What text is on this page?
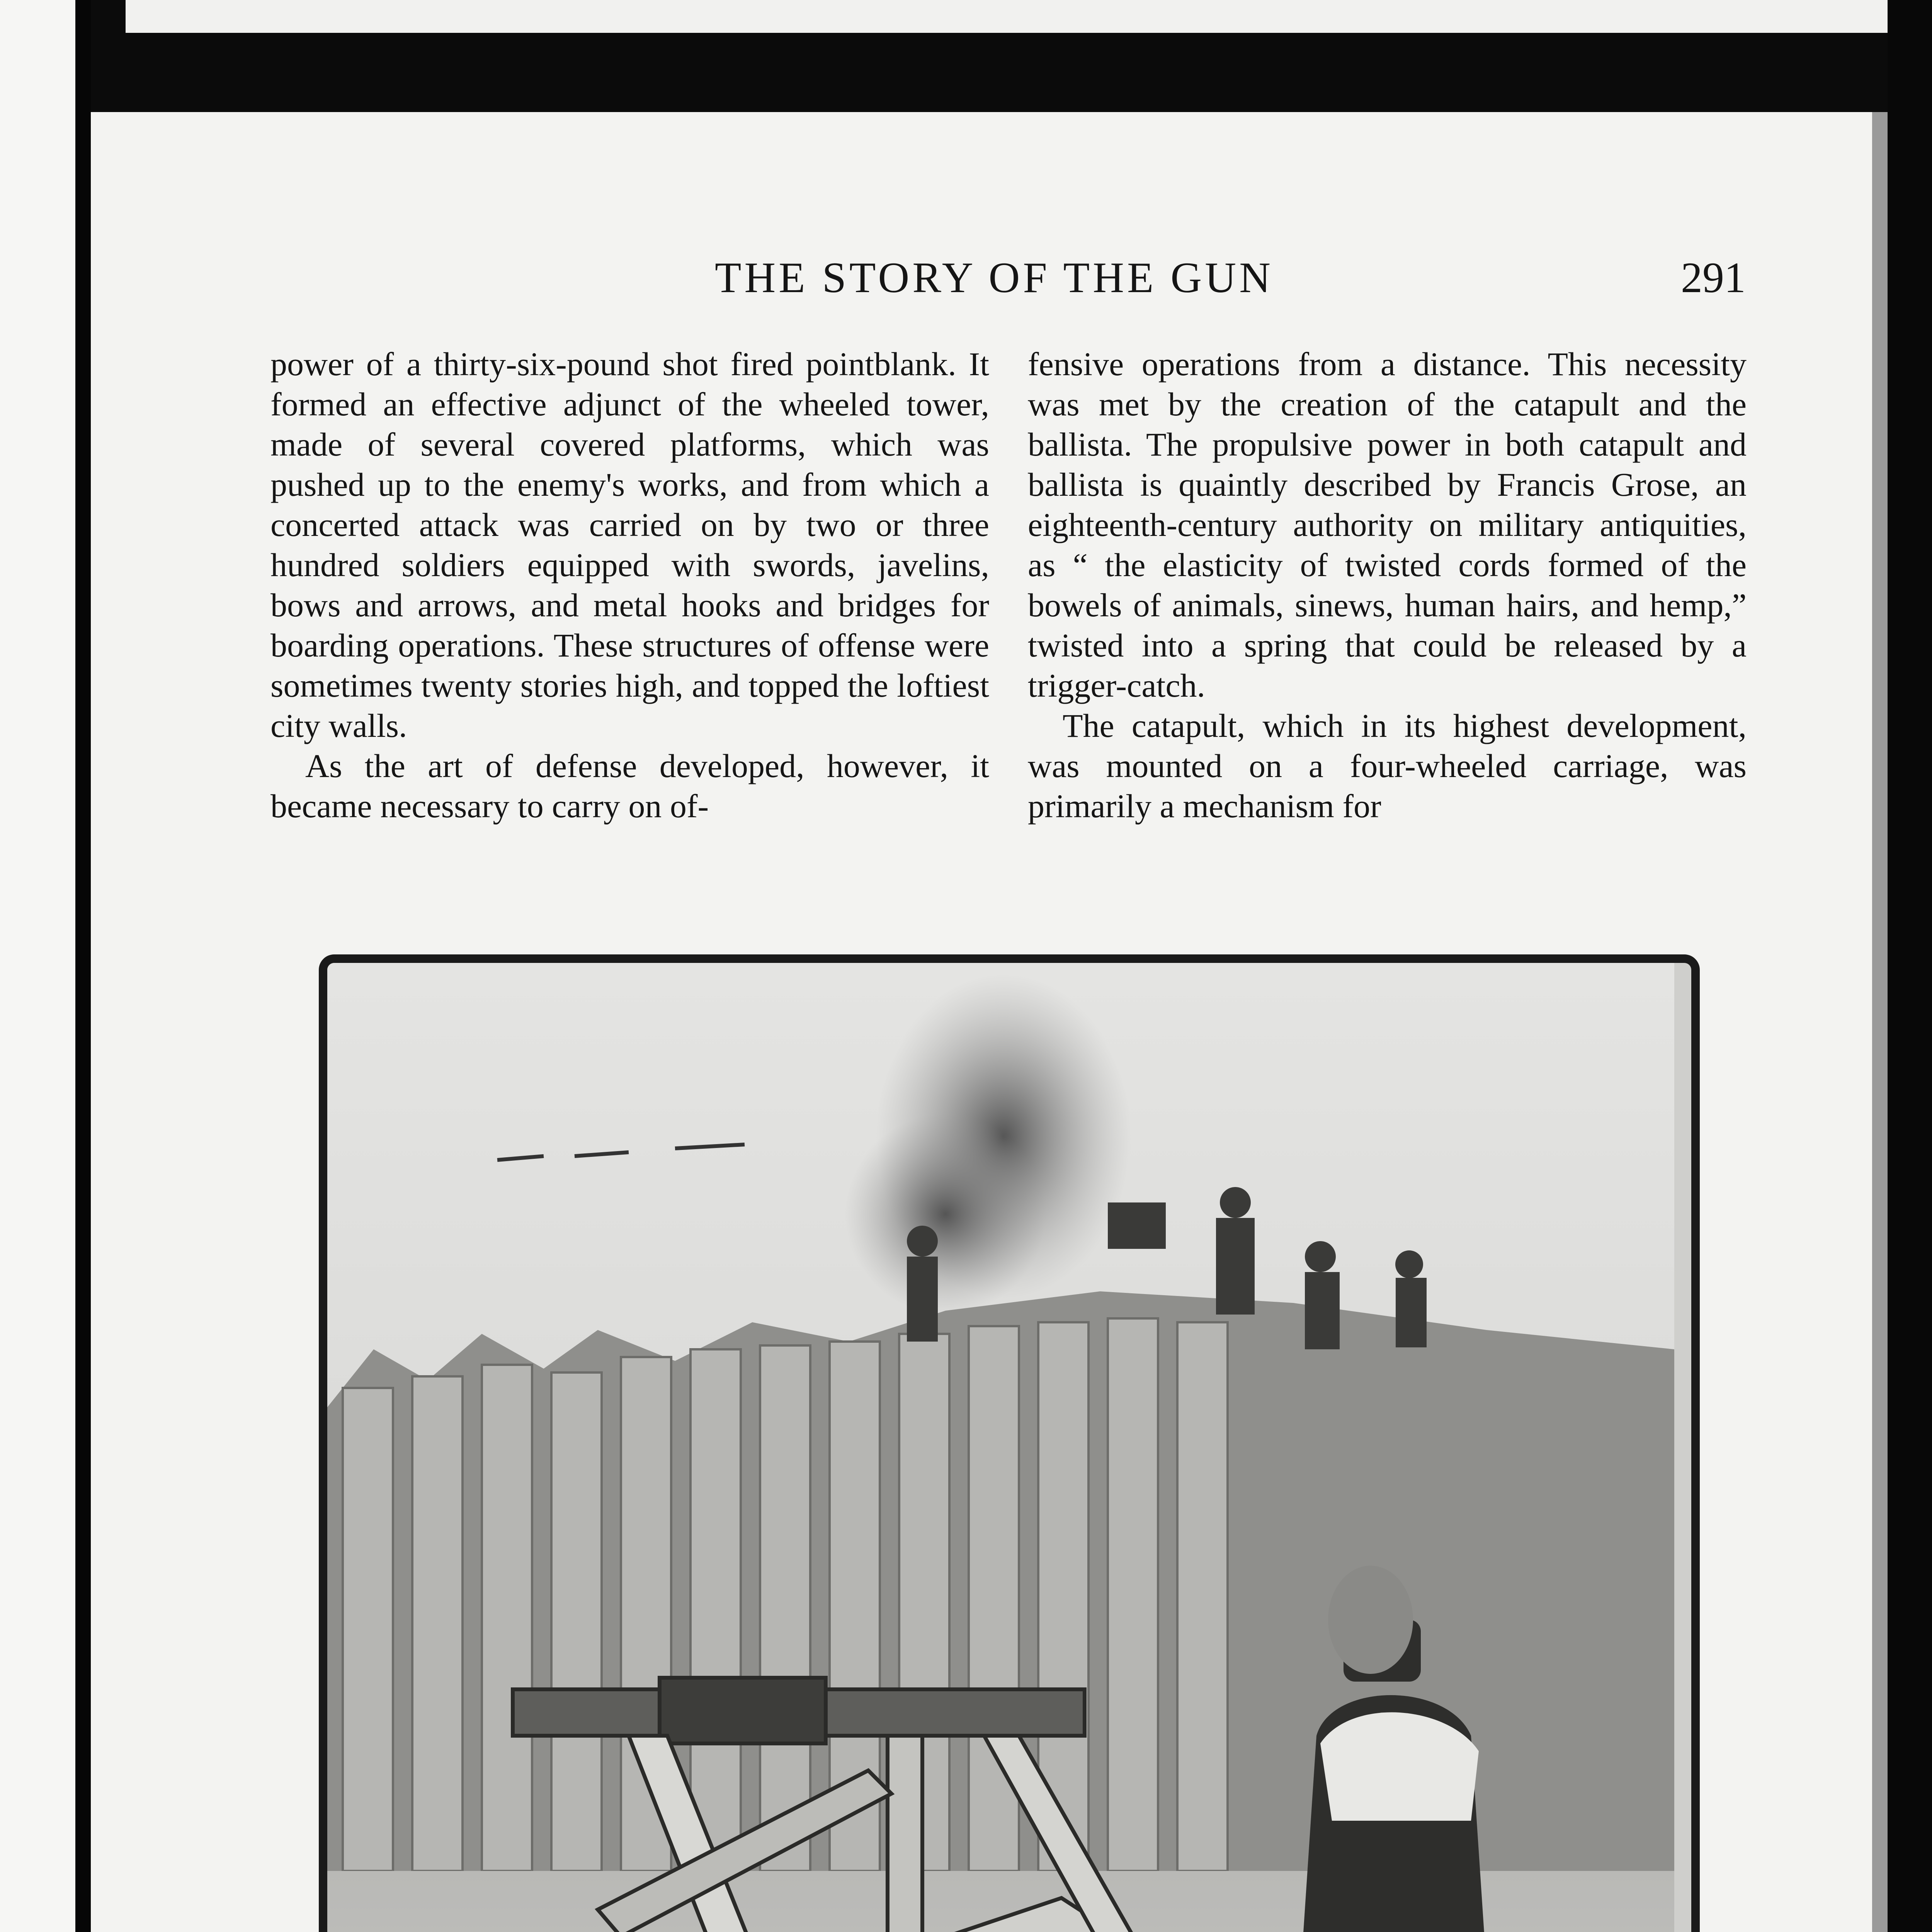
THE STORY OF THE GUN	291

power of a thirty-six-pound shot fired pointblank. It formed an effective adjunct of the wheeled tower, made of several covered platforms, which was pushed up to the enemy's works, and from which a concerted attack was carried on by two or three hundred soldiers equipped with swords, javelins, bows and arrows, and metal hooks and bridges for boarding operations. These structures of offense were sometimes twenty stories high, and topped the loftiest city walls.

As the art of defense developed, however, it became necessary to carry on of-

fensive operations from a distance. This necessity was met by the creation of the catapult and the ballista. The propulsive power in both catapult and ballista is quaintly described by Francis Grose, an eighteenth-century authority on military antiquities, as “ the elasticity of twisted cords formed of the bowels of animals, sinews, human hairs, and hemp,” twisted into a spring that could be released by a trigger-catch.

The catapult, which in its highest development, was mounted on a four-wheeled carriage, was primarily a mechanism for
